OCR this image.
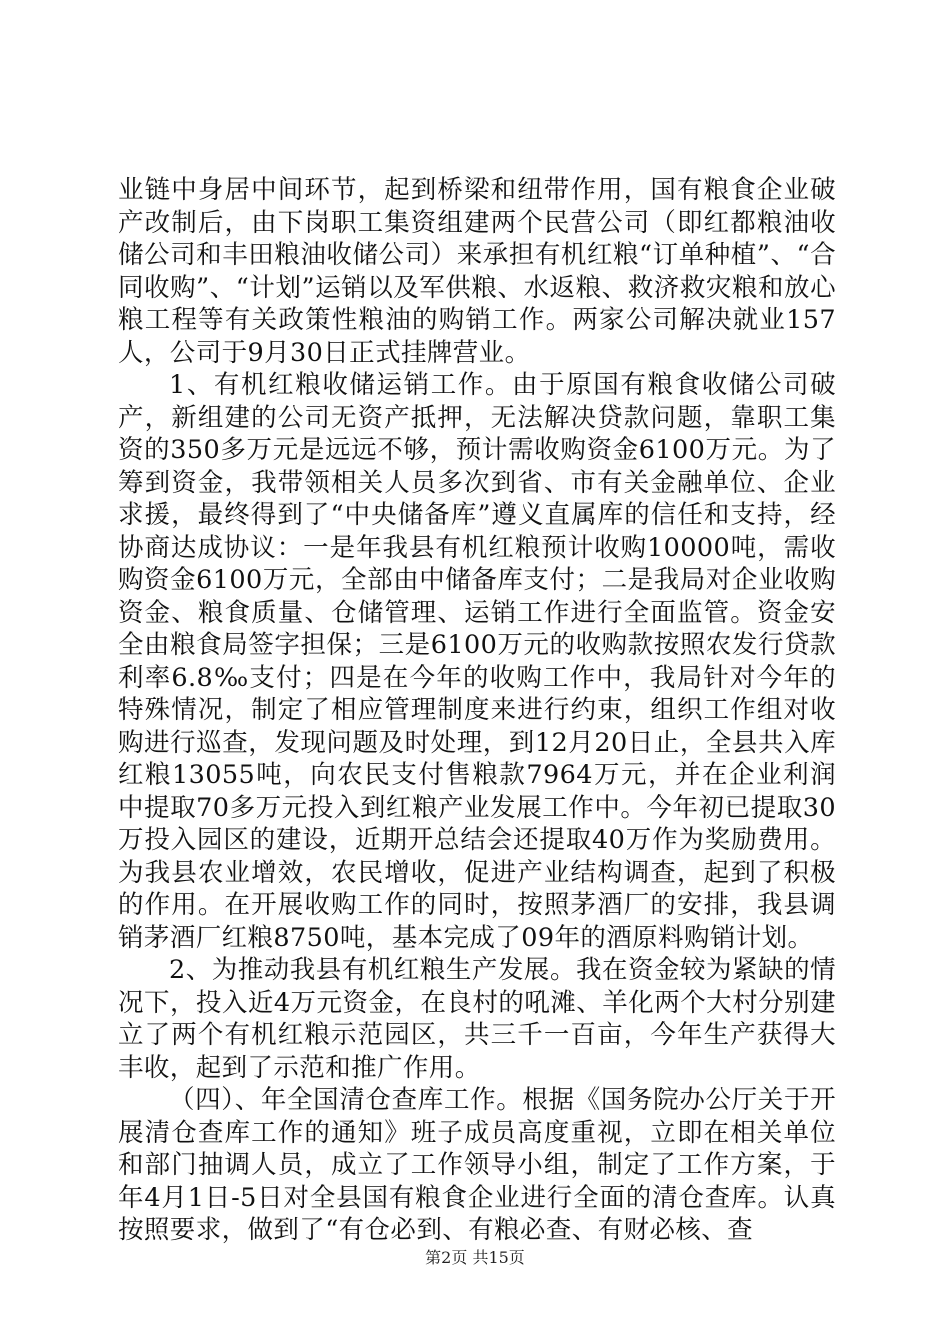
业链中身居中间环节，起到桥梁和纽带作用，国有粮食企业破产改制后，由下岗职工集资组建两个民营公司（即红都粮油收储公司和丰田粮油收储公司）来承担有机红粮“订单种植”、“合同收购”、“计划”运销以及军供粮、水返粮、救济救灾粮和放心粮工程等有关政策性粮油的购销工作。两家公司解决就业157人，公司于9月30日正式挂牌营业。

1、有机红粮收储运销工作。由于原国有粮食收储公司破产，新组建的公司无资产抵押，无法解决贷款问题，靠职工集资的350多万元是远远不够，预计需收购资金6100万元。为了筹到资金，我带领相关人员多次到省、市有关金融单位、企业求援，最终得到了“中央储备库”遵义直属库的信任和支持，经协商达成协议：一是年我县有机红粮预计收购10000吨，需收购资金6100万元，全部由中储备库支付；二是我局对企业收购资金、粮食质量、仓储管理、运销工作进行全面监管。资金安全由粮食局签字担保；三是6100万元的收购款按照农发行贷款利率6.8‰支付；四是在今年的收购工作中，我局针对今年的特殊情况，制定了相应管理制度来进行约束，组织工作组对收购进行巡查，发现问题及时处理，到12月20日止，全县共入库红粮13055吨，向农民支付售粮款7964万元，并在企业利润中提取70多万元投入到红粮产业发展工作中。今年初已提取30万投入园区的建设，近期开总结会还提取40万作为奖励费用。为我县农业增效，农民增收，促进产业结构调查，起到了积极的作用。在开展收购工作的同时，按照茅酒厂的安排，我县调销茅酒厂红粮8750吨，基本完成了09年的酒原料购销计划。

2、为推动我县有机红粮生产发展。我在资金较为紧缺的情况下，投入近4万元资金，在良村的吼滩、羊化两个大村分别建立了两个有机红粮示范园区，共三千一百亩，今年生产获得大丰收，起到了示范和推广作用。

（四）、年全国清仓查库工作。根据《国务院办公厅关于开展清仓查库工作的通知》班子成员高度重视，立即在相关单位和部门抽调人员，成立了工作领导小组，制定了工作方案，于年4月1日-5日对全县国有粮食企业进行全面的清仓查库。认真按照要求，做到了“有仓必到、有粮必查、有财必核、查

第2页 共15页
